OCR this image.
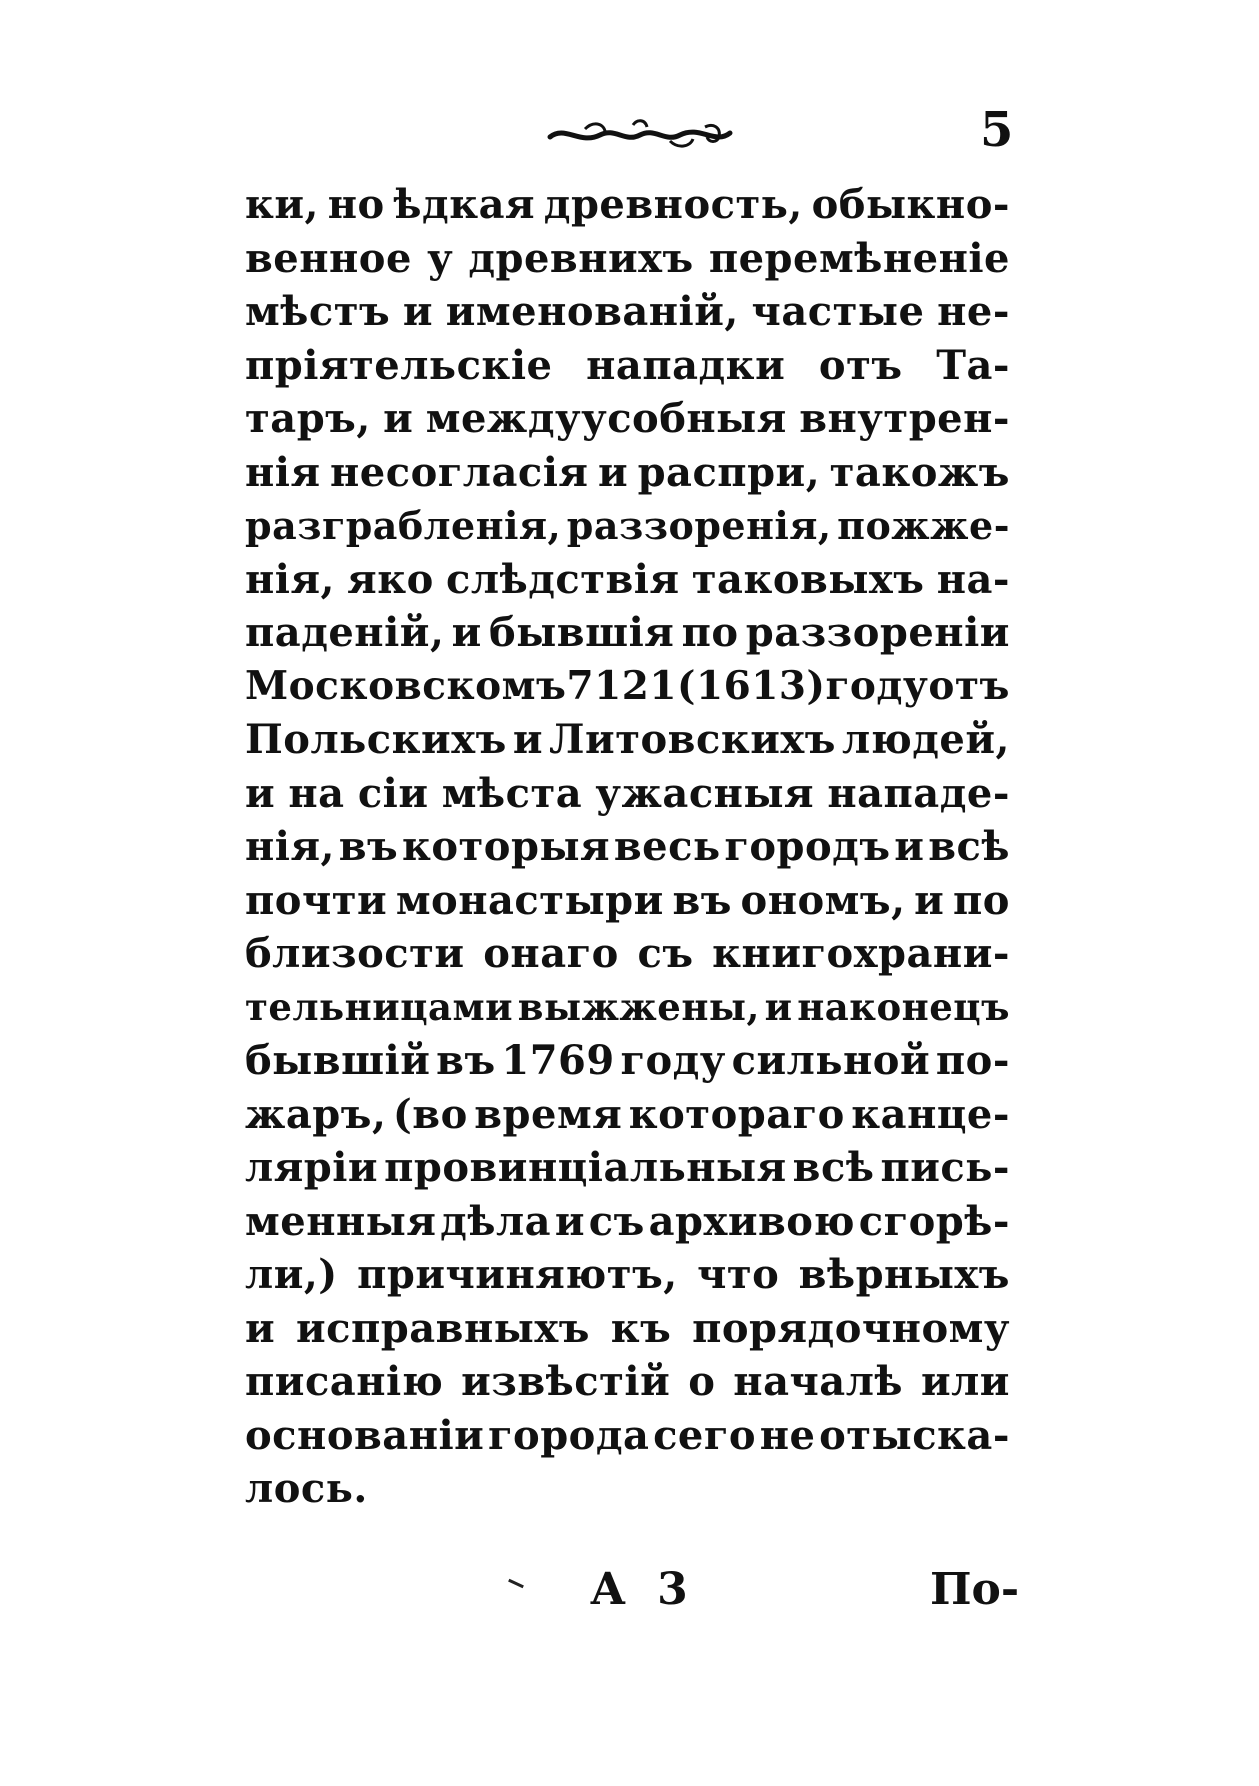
5
ки, но ѣдкая древность, обыкно-
венное у древнихъ перемѣненіе
мѣстъ и именованій, частые не-
пріятельскіе нападки отъ Та-
таръ, и междуусобныя внутрен-
нія несогласія и распри, такожъ
разграбленія, раззоренія, пожже-
нія, яко слѣдствія таковыхъ на-
паденій, и бывшія по раззореніи
Московскомъ 7121 (1613) году отъ
Польскихъ и Литовскихъ людей,
и на сіи мѣста ужасныя нападе-
нія, въ которыя весь городъ и всѣ
почти монастыри въ ономъ, и по
близости онаго съ книгохрани-
тельницами выжжены, и наконецъ
бывшій въ 1769 году сильной по-
жаръ, (во время котораго канце-
ляріи провинціальныя всѣ пись-
менныя дѣла и съ архивою сгорѣ-
ли,) причиняютъ, что вѣрныхъ
и исправныхъ къ порядочному
писанію извѣстій о началѣ или
основаніи города сего не отыска-
лось.
А 3	По-
